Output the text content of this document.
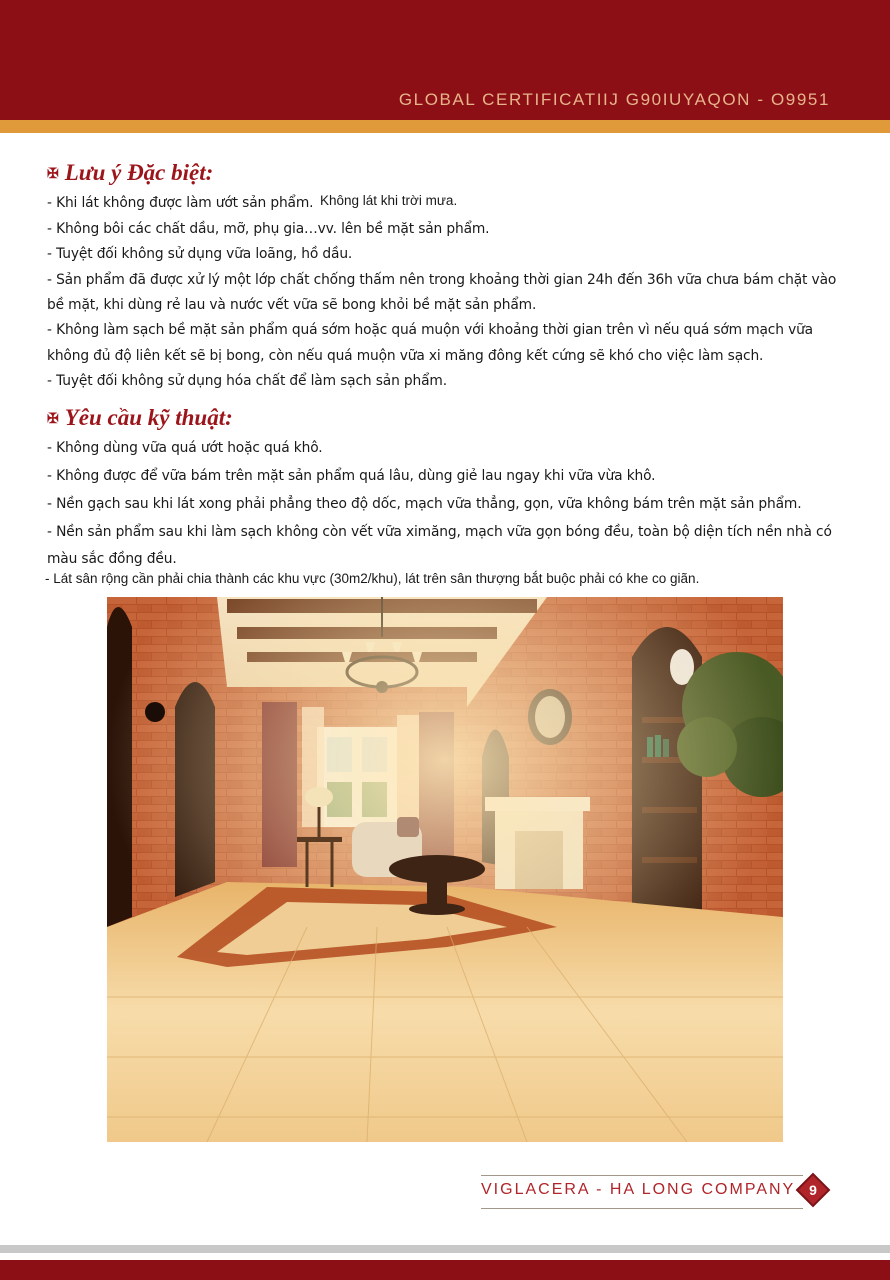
GLOBAL CERTIFICATIIJ G90IUYAQON - O9951
✠ Lưu ý Đặc biệt:
- Khi lát không được làm ướt sản phẩm. Không lát khi trời mưa.
- Không bôi các chất dầu, mỡ, phụ gia…vv. lên bề mặt sản phẩm.
- Tuyệt đối không sử dụng vữa loãng, hồ dầu.
- Sản phẩm đã được xử lý một lớp chất chống thấm nên trong khoảng thời gian 24h đến 36h vữa chưa bám chặt vào
bề mặt, khi dùng rẻ lau và nước vết vữa sẽ bong khỏi bề mặt sản phẩm.
- Không làm sạch bề mặt sản phẩm quá sớm hoặc quá muộn với khoảng thời gian trên vì nếu quá sớm mạch vữa
không đủ độ liên kết sẽ bị bong, còn nếu quá muộn vữa xi măng đông kết cứng sẽ khó cho việc làm sạch.
- Tuyệt đối không sử dụng hóa chất để làm sạch sản phẩm.
✠ Yêu cầu kỹ thuật:
- Không dùng vữa quá ướt hoặc quá khô.
- Không được để vữa bám trên mặt sản phẩm quá lâu, dùng giẻ lau ngay khi vữa vừa khô.
- Nền gạch sau khi lát xong phải phẳng theo độ dốc, mạch vữa thẳng, gọn, vữa không bám trên mặt sản phẩm.
- Nền sản phẩm sau khi làm sạch không còn vết vữa ximăng, mạch vữa gọn bóng đều, toàn bộ diện tích nền nhà có
màu sắc đồng đều.
- Lát sân rộng cần phải chia thành các khu vực (30m2/khu), lát trên sân thượng bắt buộc phải có khe co giãn.
VIGLACERA - HA LONG COMPANY 9
